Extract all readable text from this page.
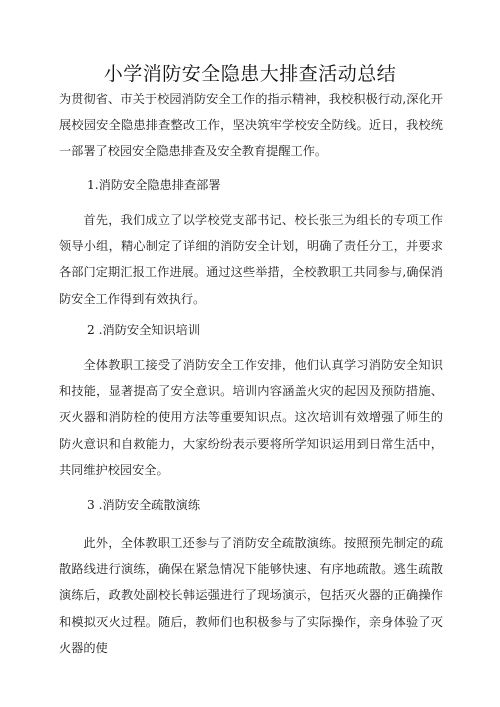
小学消防安全隐患大排查活动总结

为贯彻省、市关于校园消防安全工作的指示精神，我校积极行动,深化开展校园安全隐患排查整改工作，坚决筑牢学校安全防线。近日，我校统一部署了校园安全隐患排查及安全教育提醒工作。

1.消防安全隐患排查部署

首先，我们成立了以学校党支部书记、校长张三为组长的专项工作领导小组，精心制定了详细的消防安全计划，明确了责任分工，并要求各部门定期汇报工作进展。通过这些举措，全校教职工共同参与,确保消防安全工作得到有效执行。

2 .消防安全知识培训

全体教职工接受了消防安全工作安排，他们认真学习消防安全知识和技能，显著提高了安全意识。培训内容涵盖火灾的起因及预防措施、灭火器和消防栓的使用方法等重要知识点。这次培训有效增强了师生的防火意识和自救能力，大家纷纷表示要将所学知识运用到日常生活中，共同维护校园安全。

3 .消防安全疏散演练

此外，全体教职工还参与了消防安全疏散演练。按照预先制定的疏散路线进行演练，确保在紧急情况下能够快速、有序地疏散。逃生疏散演练后，政教处副校长韩运强进行了现场演示，包括灭火器的正确操作和模拟灭火过程。随后，教师们也积极参与了实际操作，亲身体验了灭火器的使
